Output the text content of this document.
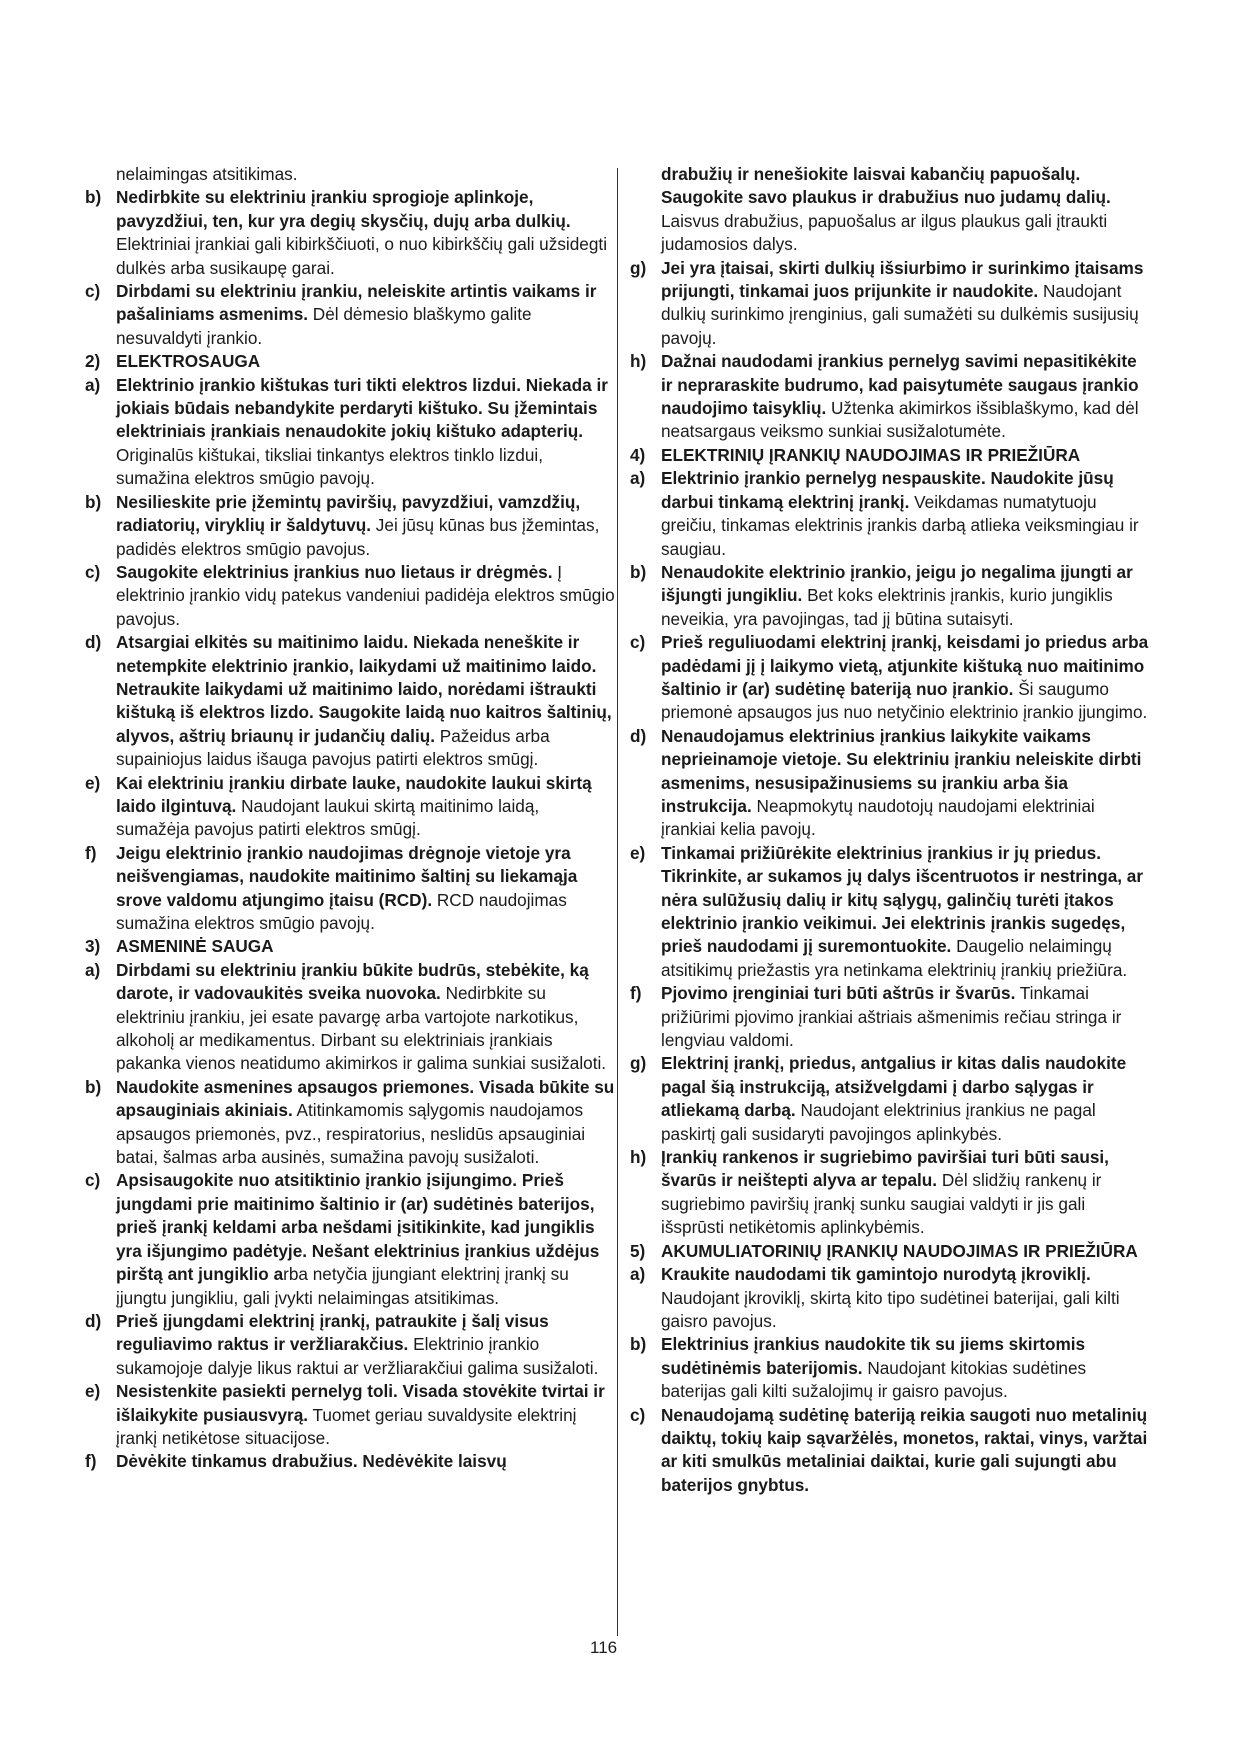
nelaimingas atsitikimas.

b) Nedirbkite su elektriniu įrankiu sprogioje aplinkoje, pavyzdžiui, ten, kur yra degių skysčių, dujų arba dulkių. Elektriniai įrankiai gali kibirkščiuoti, o nuo kibirkščių gali užsidegti dulkės arba susikaupę garai.

c) Dirbdami su elektriniu įrankiu, neleiskite artintis vaikams ir pašaliniams asmenims. Dėl dėmesio blaškymo galite nesuvaldyti įrankio.

2) ELEKTROSAUGA

a) Elektrinio įrankio kištukas turi tikti elektros lizdui. Niekada ir jokiais būdais nebandykite perdaryti kištuko. Su įžemintais elektriniais įrankiais nenaudokite jokių kištuko adapterių. Originalūs kištukai, tiksliai tinkantys elektros tinklo lizdui, sumažina elektros smūgio pavojų.

b) Nesilieskite prie įžemintų paviršių, pavyzdžiui, vamzdžių, radiatorių, viryklių ir šaldytuvų. Jei jūsų kūnas bus įžemintas, padidės elektros smūgio pavojus.

c) Saugokite elektrinius įrankius nuo lietaus ir drėgmės. Į elektrinio įrankio vidų patekus vandeniui padidėja elektros smūgio pavojus.

d) Atsargiai elkitės su maitinimo laidu. Niekada neneškite ir netempkite elektrinio įrankio, laikydami už maitinimo laido. Netraukite laikydami už maitinimo laido, norėdami ištraukti kištuką iš elektros lizdo. Saugokite laidą nuo kaitros šaltinių, alyvos, aštrių briaunų ir judančių dalių. Pažeidus arba supainiojus laidus išauga pavojus patirti elektros smūgį.

e) Kai elektriniu įrankiu dirbate lauke, naudokite laukui skirtą laido ilgintuvą. Naudojant laukui skirtą maitinimo laidą, sumažėja pavojus patirti elektros smūgį.

f) Jeigu elektrinio įrankio naudojimas drėgnoje vietoje yra neišvengiamas, naudokite maitinimo šaltinį su liekamąja srove valdomu atjungimo įtaisu (RCD). RCD naudojimas sumažina elektros smūgio pavojų.

3) ASMENINĖ SAUGA

a) Dirbdami su elektriniu įrankiu būkite budrūs, stebėkite, ką darote, ir vadovaukitės sveika nuovoka. Nedirbkite su elektriniu įrankiu, jei esate pavargę arba vartojote narkotikus, alkoholį ar medikamentus. Dirbant su elektriniais įrankiais pakanka vienos neatidumo akimirkos ir galima sunkiai susižaloti.

b) Naudokite asmenines apsaugos priemones. Visada būkite su apsauginiais akiniais. Atitinkamomis sąlygomis naudojamos apsaugos priemonės, pvz., respiratorius, neslidūs apsauginiai batai, šalmas arba ausinės, sumažina pavojų susižaloti.

c) Apsisaugokite nuo atsitiktinio įrankio įsijungimo. Prieš jungdami prie maitinimo šaltinio ir (ar) sudėtinės baterijos, prieš įrankį keldami arba nešdami įsitikinkite, kad jungiklis yra išjungimo padėtyje. Nešant elektrinius įrankius uždėjus pirštą ant jungiklio arba netyčia įjungiant elektrinį įrankį su įjungtu jungikliu, gali įvykti nelaimingas atsitikimas.

d) Prieš įjungdami elektrinį įrankį, patraukite į šalį visus reguliavimo raktus ir veržliarakčius. Elektrinio įrankio sukamojoje dalyje likus raktui ar veržliarakčiui galima susižaloti.

e) Nesistenkite pasiekti pernelyg toli. Visada stovėkite tvirtai ir išlaikykite pusiausvyrą. Tuomet geriau suvaldysite elektrinį įrankį netikėtose situacijose.

f) Dėvėkite tinkamus drabužius. Nedėvėkite laisvų

drabužių ir nenešiokite laisvai kabančių papuošalų. Saugokite savo plaukus ir drabužius nuo judamų dalių. Laisvus drabužius, papuošalus ar ilgus plaukus gali įtraukti judamosios dalys.

g) Jei yra įtaisai, skirti dulkių išsiurbimo ir surinkimo įtaisams prijungti, tinkamai juos prijunkite ir naudokite. Naudojant dulkių surinkimo įrenginius, gali sumažėti su dulkėmis susijusių pavojų.

h) Dažnai naudodami įrankius pernelyg savimi nepasitikėkite ir nepraraskite budrumo, kad paisytumėte saugaus įrankio naudojimo taisyklių. Užtenka akimirkos išsiblaškymo, kad dėl neatsargaus veiksmo sunkiai susižalotumėte.

4) ELEKTRINIŲ ĮRANKIŲ NAUDOJIMAS IR PRIEŽIŪRA

a) Elektrinio įrankio pernelyg nespauskite. Naudokite jūsų darbui tinkamą elektrinį įrankį. Veikdamas numatytuoju greičiu, tinkamas elektrinis įrankis darbą atlieka veiksmingiau ir saugiau.

b) Nenaudokite elektrinio įrankio, jeigu jo negalima įjungti ar išjungti jungikliu. Bet koks elektrinis įrankis, kurio jungiklis neveikia, yra pavojingas, tad jį būtina sutaisyti.

c) Prieš reguliuodami elektrinį įrankį, keisdami jo priedus arba padėdami jį į laikymo vietą, atjunkite kištuką nuo maitinimo šaltinio ir (ar) sudėtinę bateriją nuo įrankio. Ši saugumo priemonė apsaugos jus nuo netyčinio elektrinio įrankio įjungimo.

d) Nenaudojamus elektrinius įrankius laikykite vaikams neprieinamoje vietoje. Su elektriniu įrankiu neleiskite dirbti asmenims, nesusipažinusiems su įrankiu arba šia instrukcija. Neapmokytų naudotojų naudojami elektriniai įrankiai kelia pavojų.

e) Tinkamai prižiūrėkite elektrinius įrankius ir jų priedus. Tikrinkite, ar sukamos jų dalys išcentruotos ir nestringa, ar nėra sulūžusių dalių ir kitų sąlygų, galinčių turėti įtakos elektrinio įrankio veikimui. Jei elektrinis įrankis sugedęs, prieš naudodami jį suremontuokite. Daugelio nelaimingų atsitikimų priežastis yra netinkama elektrinių įrankių priežiūra.

f) Pjovimo įrenginiai turi būti aštrūs ir švarūs. Tinkamai prižiūrimi pjovimo įrankiai aštriais ašmenimis rečiau stringa ir lengviau valdomi.

g) Elektrinį įrankį, priedus, antgalius ir kitas dalis naudokite pagal šią instrukciją, atsižvelgdami į darbo sąlygas ir atliekamą darbą. Naudojant elektrinius įrankius ne pagal paskirtį gali susidaryti pavojingos aplinkybės.

h) Įrankių rankenos ir sugriebimo paviršiai turi būti sausi, švarūs ir neištepti alyva ar tepalu. Dėl slidžių rankenų ir sugriebimo paviršių įrankį sunku saugiai valdyti ir jis gali išsprūsti netikėtomis aplinkybėmis.

5) AKUMULIATORINIŲ ĮRANKIŲ NAUDOJIMAS IR PRIEŽIŪRA

a) Kraukite naudodami tik gamintojo nurodytą įkroviklį. Naudojant įkroviklį, skirtą kito tipo sudėtinei baterijai, gali kilti gaisro pavojus.

b) Elektrinius įrankius naudokite tik su jiems skirtomis sudėtinėmis baterijomis. Naudojant kitokias sudėtines baterijas gali kilti sužalojimų ir gaisro pavojus.

c) Nenaudojamą sudėtinę bateriją reikia saugoti nuo metalinių daiktų, tokių kaip sąvaržėlės, monetos, raktai, vinys, varžtai ar kiti smulkūs metaliniai daiktai, kurie gali sujungti abu baterijos gnybtus.

116
